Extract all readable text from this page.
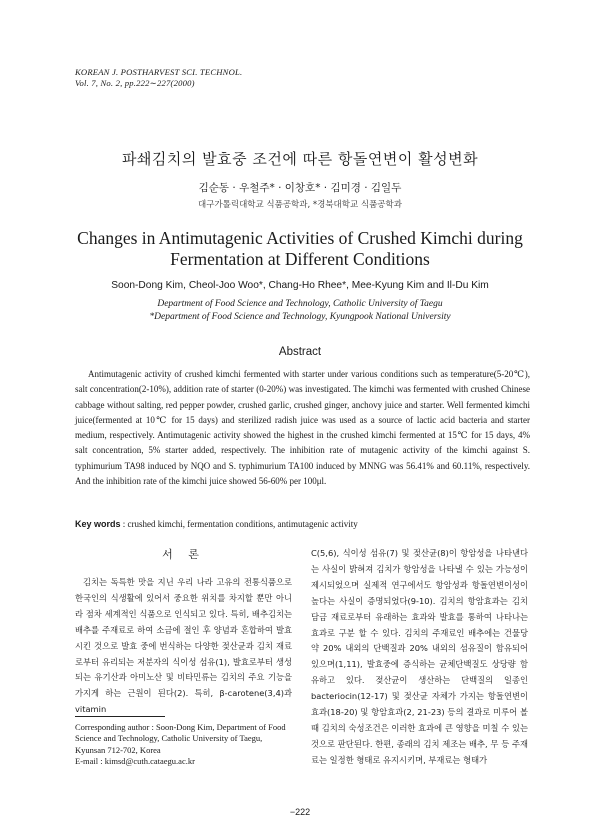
KOREAN J. POSTHARVEST SCI. TECHNOL.
Vol. 7, No. 2, pp.222∼227(2000)
파쇄김치의 발효중 조건에 따른 항돌연변이 활성변화
김순동 · 우철주* · 이창호* · 김미경 · 김일두
대구가톨릭대학교 식품공학과, *경북대학교 식품공학과
Changes in Antimutagenic Activities of Crushed Kimchi during Fermentation at Different Conditions
Soon-Dong Kim, Cheol-Joo Woo*, Chang-Ho Rhee*, Mee-Kyung Kim and Il-Du Kim
Department of Food Science and Technology, Catholic University of Taegu
*Department of Food Science and Technology, Kyungpook National University
Abstract
Antimutagenic activity of crushed kimchi fermented with starter under various conditions such as temperature(5-20℃), salt concentration(2-10%), addition rate of starter (0-20%) was investigated. The kimchi was fermented with crushed Chinese cabbage without salting, red pepper powder, crushed garlic, crushed ginger, anchovy juice and starter. Well fermented kimchi juice(fermented at 10℃ for 15 days) and sterilized radish juice was used as a source of lactic acid bacteria and starter medium, respectively. Antimutagenic activity showed the highest in the crushed kimchi fermented at 15℃ for 15 days, 4% salt concentration, 5% starter added, respectively. The inhibition rate of mutagenic activity of the kimchi against S. typhimurium TA98 induced by NQO and S. typhimurium TA100 induced by MNNG was 56.41% and 60.11%, respectively. And the inhibition rate of the kimchi juice showed 56-60% per 100μl.
Key words : crushed kimchi, fermentation conditions, antimutagenic activity
서 론
김치는 독특한 맛을 지닌 우리 나라 고유의 전통식품으로 한국인의 식생활에 있어서 중요한 위치를 차지할 뿐만 아니라 점차 세계적인 식품으로 인식되고 있다. 특히, 배추김치는 배추를 주재료로 하여 소금에 절인 후 양념과 혼합하여 발효시킨 것으로 발효 중에 번식하는 다양한 젖산균과 김치 재료로부터 유리되는 저분자의 식이성 섬유(1), 발효로부터 생성되는 유기산과 아미노산 및 비타민류는 김치의 주요 기능을 가지게 하는 근원이 된다(2). 특히, β-carotene(3,4)과 vitamin
C(5,6), 식이성 섬유(7) 및 젖산균(8)이 항암성을 나타낸다는 사실이 밝혀져 김치가 항암성을 나타낼 수 있는 가능성이 제시되었으며 실제적 연구에서도 항암성과 항돌연변이성이 높다는 사실이 증명되었다(9-10). 김치의 항암효과는 김치 담금 재료로부터 유래하는 효과와 발효를 통하여 나타나는 효과로 구분 할 수 있다. 김치의 주재료인 배추에는 건물당 약 20% 내외의 단백질과 20% 내외의 섬유질이 함유되어 있으며(1,11), 발효중에 증식하는 균체단백질도 상당량 함유하고 있다. 젖산균이 생산하는 단백질의 일종인 bacteriocin(12-17) 및 젖산균 자체가 가지는 항돌연변이 효과(18-20) 및 항암효과(2, 21-23) 등의 결과로 미루어 볼 때 김치의 숙성조건은 이러한 효과에 큰 영향을 미칠 수 있는 것으로 판단된다. 한편, 종래의 김치 제조는 배추, 무 등 주재료는 일정한 형태로 유지시키며, 부재료는 형태가
Corresponding author : Soon-Dong Kim, Department of Food Science and Technology, Catholic University of Taegu, Kyunsan 712-702, Korea
E-mail : kimsd@cuth.cataegu.ac.kr
−222
